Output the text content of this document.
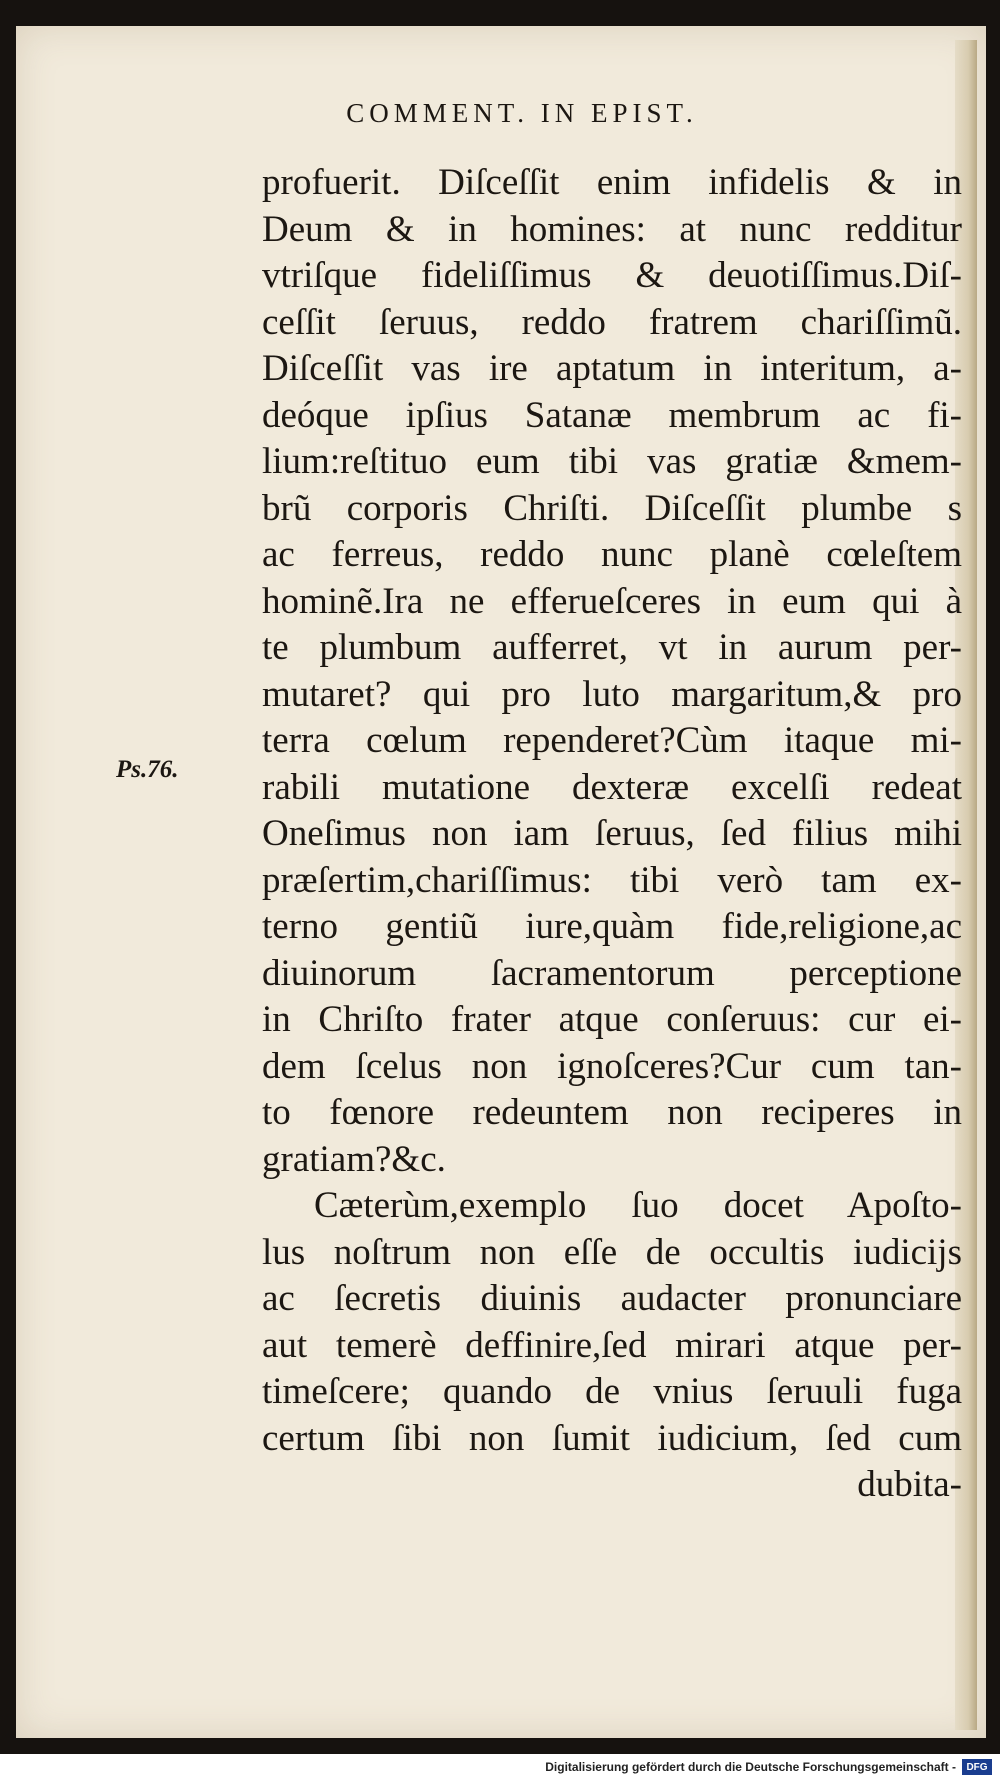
COMMENT. IN EPIST.
Ps.76.
profuerit. Dіſceſſit enim infidelis & in
Deum & in homines: at nunc redditur
vtriſque fideliſſimus & deuotiſſimus.Diſ-
ceſſit ſeruus, reddo fratrem chariſſimũ.
Diſceſſit vas ire aptatum in interitum, a-
deóque ipſius Satanæ membrum ac fi-
lium:reſtituo eum tibi vas gratiæ &mem-
brũ corporis Chriſti. Diſceſſit plumbe s
ac ferreus, reddo nunc planè cœleſtem
hominẽ.Ira ne efferueſceres in eum qui à
te plumbum aufferret, vt in aurum per-
mutaret? qui pro luto margaritum,& pro
terra cœlum rependeret?Cùm itaque mi-
rabili mutatione dexteræ excelſi redeat
Oneſimus non iam ſeruus, ſed filius mihi
præſertim,chariſſimus: tibi verò tam ex-
terno gentiũ iure,quàm fide,religione,ac
diuinorum ſacramentorum perceptione
in Chriſto frater atque conſeruus: cur ei-
dem ſcelus non ignoſceres?Cur cum tan-
to fœnore redeuntem non reciperes in
gratiam?&c.
Cæterùm,exemplo ſuo docet Apoſto-
lus noſtrum non eſſe de occultis iudicijs
ac ſecretis diuinis audacter pronunciare
aut temerè deffinire,ſed mirari atque per-
timeſcere; quando de vnius ſeruuli fuga
certum ſibi non ſumit iudicium, ſed cum
dubita-
Digitalisierung gefördert durch die Deutsche Forschungsgemeinschaft -	DFG
